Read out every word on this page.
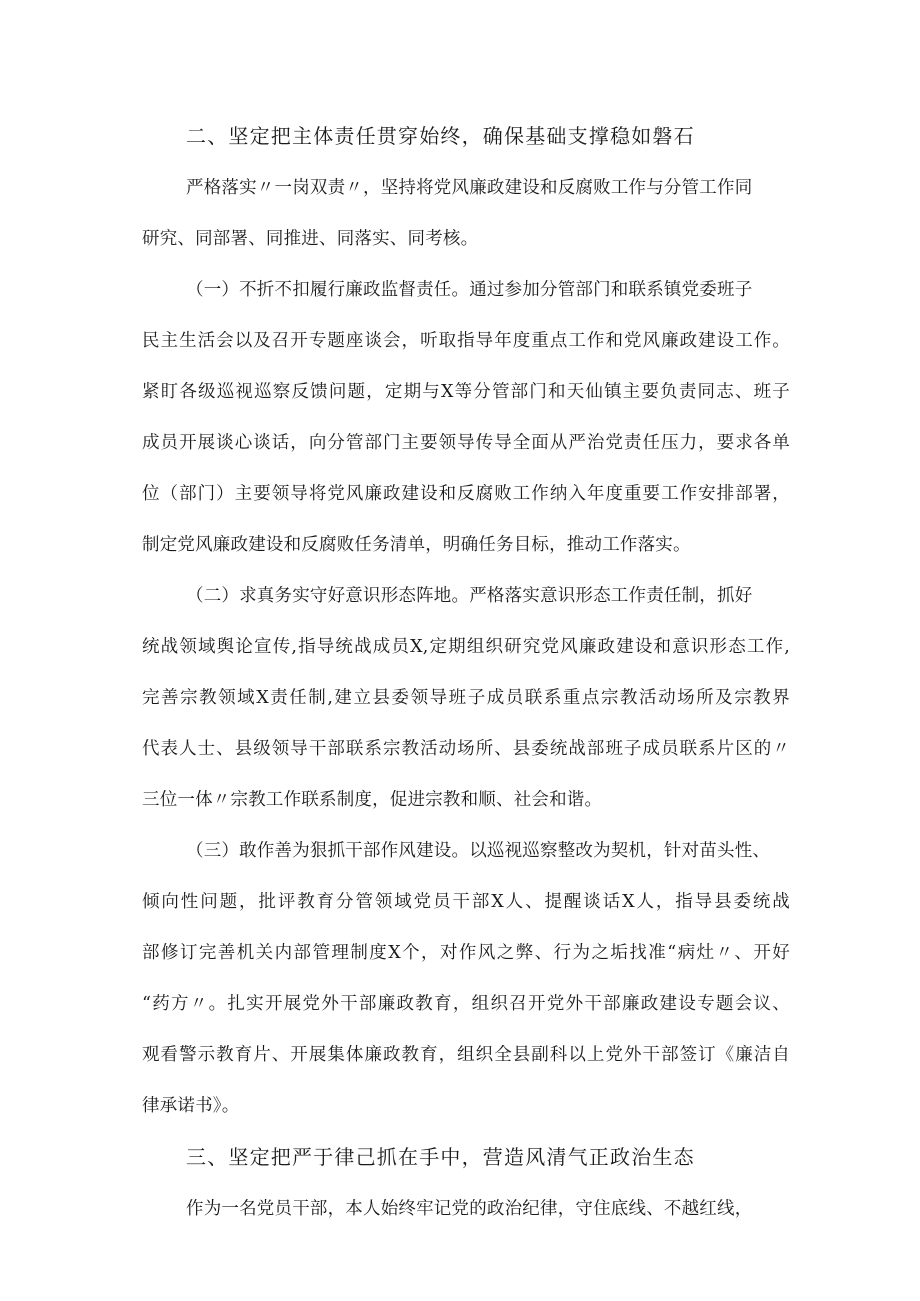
二、坚定把主体责任贯穿始终，确保基础支撑稳如磐石

严格落实〃一岗双责〃，坚持将党风廉政建设和反腐败工作与分管工作同

研究、同部署、同推进、同落实、同考核。

（一）不折不扣履行廉政监督责任。通过参加分管部门和联系镇党委班子

民主生活会以及召开专题座谈会，听取指导年度重点工作和党风廉政建设工作。

紧盯各级巡视巡察反馈问题，定期与X等分管部门和天仙镇主要负责同志、班子

成员开展谈心谈话，向分管部门主要领导传导全面从严治党责任压力，要求各单

位（部门）主要领导将党风廉政建设和反腐败工作纳入年度重要工作安排部署，

制定党风廉政建设和反腐败任务清单，明确任务目标，推动工作落实。

（二）求真务实守好意识形态阵地。严格落实意识形态工作责任制，抓好

统战领域舆论宣传,指导统战成员X,定期组织研究党风廉政建设和意识形态工作,

完善宗教领域X责任制,建立县委领导班子成员联系重点宗教活动场所及宗教界

代表人士、县级领导干部联系宗教活动场所、县委统战部班子成员联系片区的〃

三位一体〃宗教工作联系制度，促进宗教和顺、社会和谐。

（三）敢作善为狠抓干部作风建设。以巡视巡察整改为契机，针对苗头性、

倾向性问题，批评教育分管领域党员干部X人、提醒谈话X人，指导县委统战

部修订完善机关内部管理制度X个，对作风之弊、行为之垢找准“病灶〃、开好

“药方〃。扎实开展党外干部廉政教育，组织召开党外干部廉政建设专题会议、

观看警示教育片、开展集体廉政教育，组织全县副科以上党外干部签订《廉洁自

律承诺书》。

三、坚定把严于律己抓在手中，营造风清气正政治生态

作为一名党员干部，本人始终牢记党的政治纪律，守住底线、不越红线，
